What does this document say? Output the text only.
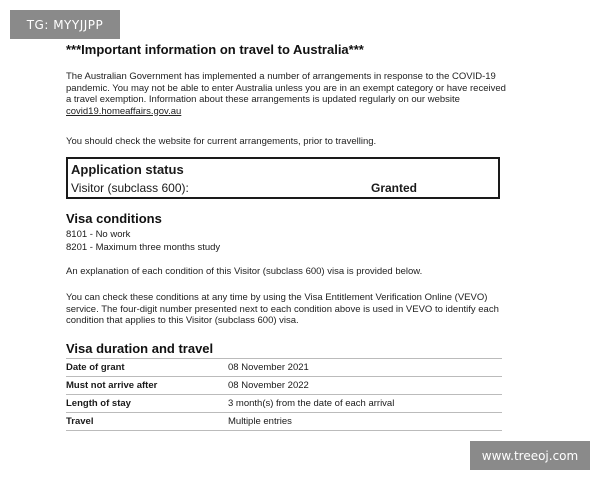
TG: MYYJJPP
***Important information on travel to Australia***
The Australian Government has implemented a number of arrangements in response to the COVID-19 pandemic. You may not be able to enter Australia unless you are in an exempt category or have received a travel exemption. Information about these arrangements is updated regularly on our website covid19.homeaffairs.gov.au
You should check the website for current arrangements, prior to travelling.
Application status
Visitor (subclass 600):	Granted
Visa conditions
8101 - No work
8201 - Maximum three months study
An explanation of each condition of this Visitor (subclass 600) visa is provided below.
You can check these conditions at any time by using the Visa Entitlement Verification Online (VEVO) service. The four-digit number presented next to each condition above is used in VEVO to identify each condition that applies to this Visitor (subclass 600) visa.
Visa duration and travel
Date of grant	08 November 2021
Must not arrive after	08 November 2022
Length of stay	3 month(s) from the date of each arrival
Travel	Multiple entries
www.treeoj.com
